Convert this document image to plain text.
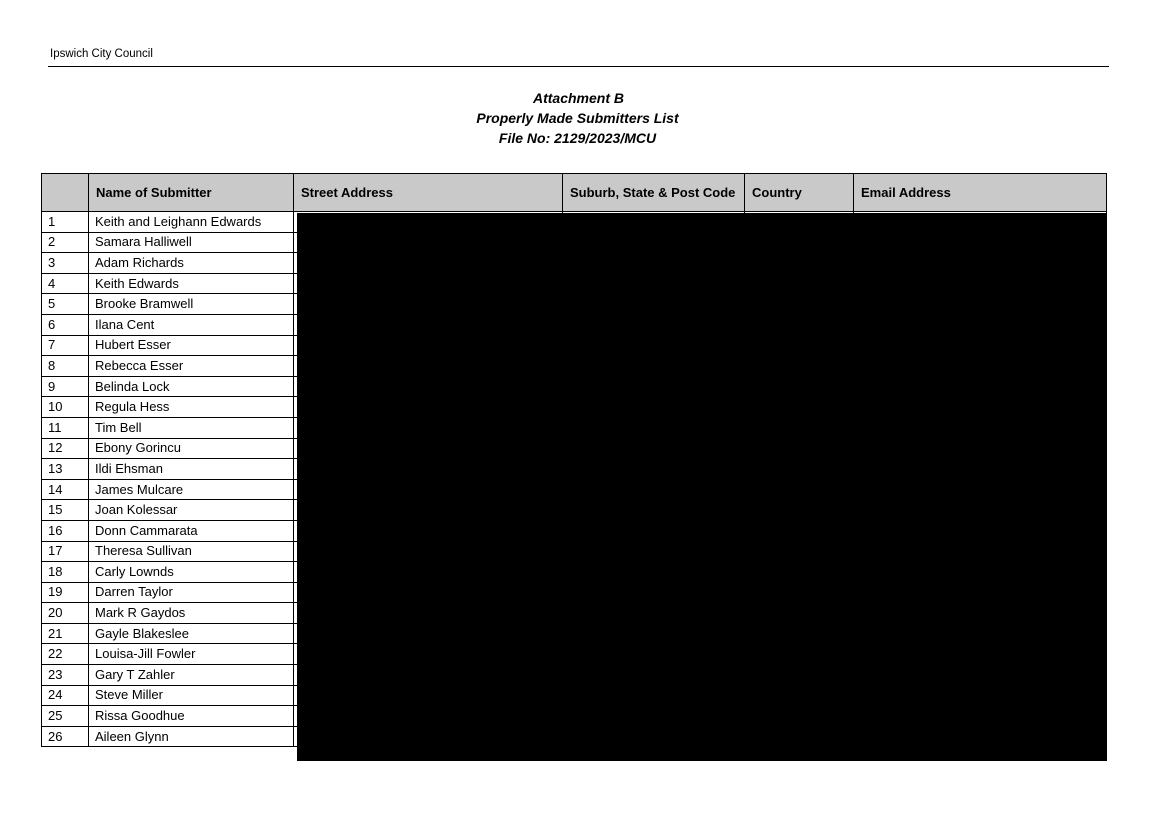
Ipswich City Council
Attachment B
Properly Made Submitters List
File No: 2129/2023/MCU
	Name of Submitter	Street Address	Suburb, State & Post Code	Country	Email Address
1	Keith and Leighann Edwards				
2	Samara Halliwell				
3	Adam Richards				
4	Keith Edwards				
5	Brooke Bramwell				
6	Ilana Cent				
7	Hubert Esser				
8	Rebecca Esser				
9	Belinda Lock				
10	Regula Hess				
11	Tim Bell				
12	Ebony Gorincu				
13	Ildi Ehsman				
14	James Mulcare				
15	Joan Kolessar				
16	Donn Cammarata				
17	Theresa Sullivan				
18	Carly Lownds				
19	Darren Taylor				
20	Mark R Gaydos				
21	Gayle Blakeslee				
22	Louisa-Jill Fowler				
23	Gary T Zahler				
24	Steve Miller				
25	Rissa Goodhue				
26	Aileen Glynn				
